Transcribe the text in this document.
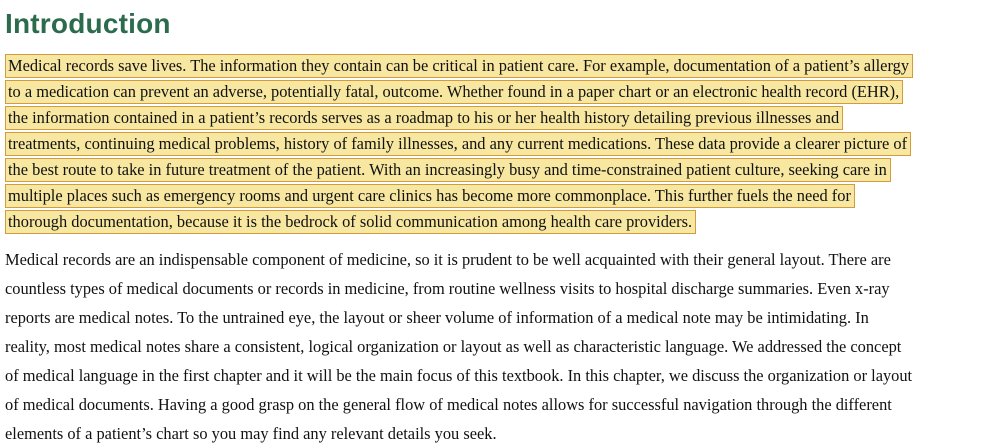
Introduction
Medical records save lives. The information they contain can be critical in patient care. For example, documentation of a patient’s allergy
to a medication can prevent an adverse, potentially fatal, outcome. Whether found in a paper chart or an electronic health record (EHR),
the information contained in a patient’s records serves as a roadmap to his or her health history detailing previous illnesses and
treatments, continuing medical problems, history of family illnesses, and any current medications. These data provide a clearer picture of
the best route to take in future treatment of the patient. With an increasingly busy and time-constrained patient culture, seeking care in
multiple places such as emergency rooms and urgent care clinics has become more commonplace. This further fuels the need for
thorough documentation, because it is the bedrock of solid communication among health care providers.
Medical records are an indispensable component of medicine, so it is prudent to be well acquainted with their general layout. There are
countless types of medical documents or records in medicine, from routine wellness visits to hospital discharge summaries. Even x-ray
reports are medical notes. To the untrained eye, the layout or sheer volume of information of a medical note may be intimidating. In
reality, most medical notes share a consistent, logical organization or layout as well as characteristic language. We addressed the concept
of medical language in the first chapter and it will be the main focus of this textbook. In this chapter, we discuss the organization or layout
of medical documents. Having a good grasp on the general flow of medical notes allows for successful navigation through the different
elements of a patient’s chart so you may find any relevant details you seek.
